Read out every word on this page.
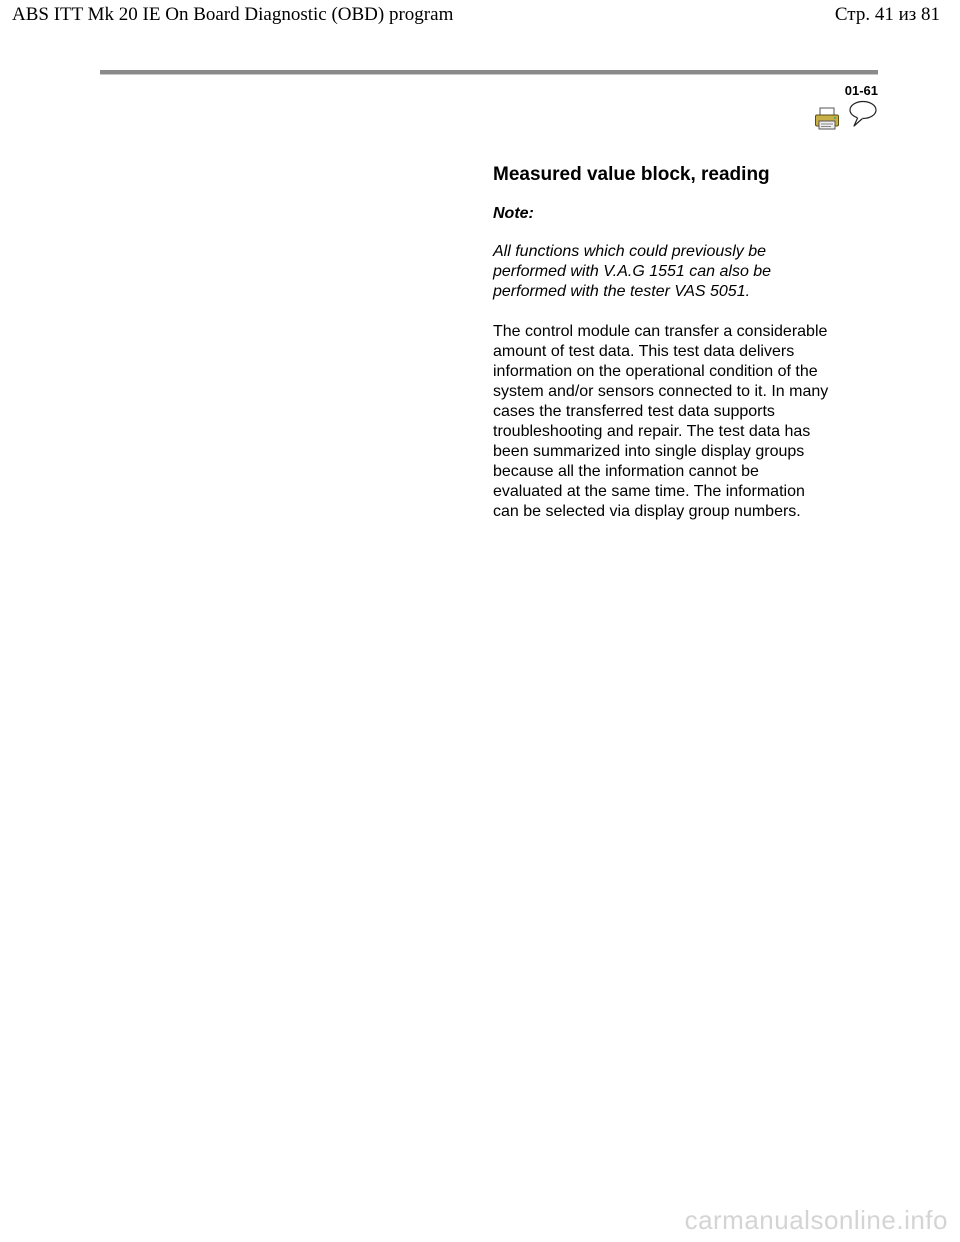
ABS ITT Mk 20 IE On Board Diagnostic (OBD) program	Стр. 41 из 81
01-61
Measured value block, reading
Note:

All functions which could previously be
performed with V.A.G 1551 can also be
performed with the tester VAS 5051.

The control module can transfer a considerable
amount of test data. This test data delivers
information on the operational condition of the
system and/or sensors connected to it. In many
cases the transferred test data supports
troubleshooting and repair. The test data has
been summarized into single display groups
because all the information cannot be
evaluated at the same time. The information
can be selected via display group numbers.

carmanualsonline.info
